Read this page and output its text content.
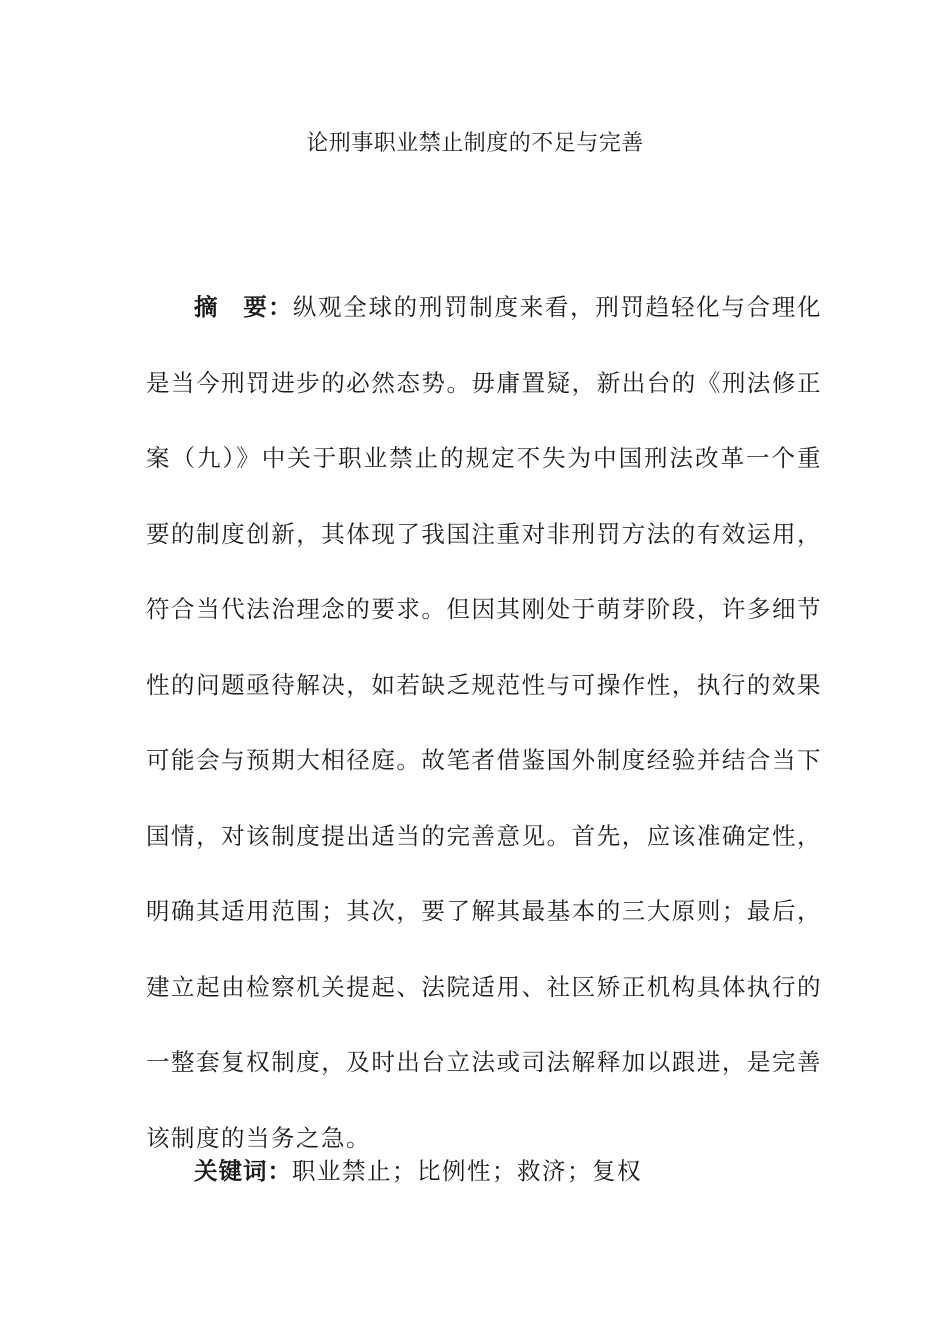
论刑事职业禁止制度的不足与完善

摘　要：纵观全球的刑罚制度来看，刑罚趋轻化与合理化是当今刑罚进步的必然态势。毋庸置疑，新出台的《刑法修正案（九）》中关于职业禁止的规定不失为中国刑法改革一个重要的制度创新，其体现了我国注重对非刑罚方法的有效运用，符合当代法治理念的要求。但因其刚处于萌芽阶段，许多细节性的问题亟待解决，如若缺乏规范性与可操作性，执行的效果可能会与预期大相径庭。故笔者借鉴国外制度经验并结合当下国情，对该制度提出适当的完善意见。首先，应该准确定性，明确其适用范围；其次，要了解其最基本的三大原则；最后，建立起由检察机关提起、法院适用、社区矫正机构具体执行的一整套复权制度，及时出台立法或司法解释加以跟进，是完善该制度的当务之急。

关键词：职业禁止；比例性；救济；复权
